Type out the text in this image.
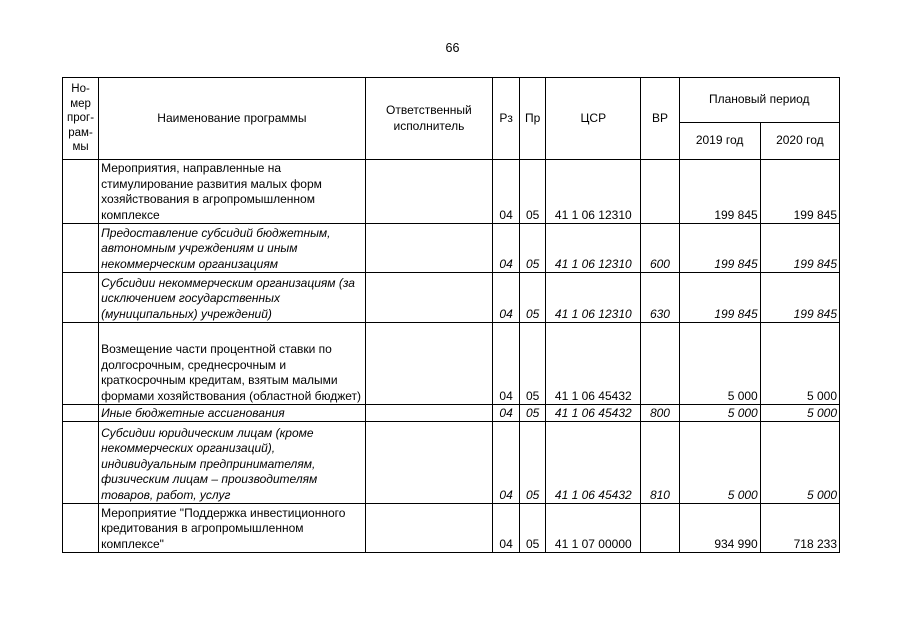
66
Но-мер прог-рам-мы	Наименование программы	Ответственный исполнитель	Рз	Пр	ЦСР	ВР	Плановый период	
							2019 год	2020 год
	Мероприятия, направленные на стимулирование развития малых форм хозяйствования в агропромышленном комплексе		04	05	41 1 06 12310		199 845	199 845
	Предоставление субсидий бюджетным, автономным учреждениям и иным некоммерческим организациям		04	05	41 1 06 12310	600	199 845	199 845
	Субсидии некоммерческим организациям (за исключением государственных (муниципальных) учреждений)		04	05	41 1 06 12310	630	199 845	199 845
	Возмещение части процентной ставки по долгосрочным, среднесрочным и краткосрочным кредитам, взятым малыми формами хозяйствования (областной бюджет)		04	05	41 1 06 45432		5 000	5 000
	Иные бюджетные ассигнования		04	05	41 1 06 45432	800	5 000	5 000
	Субсидии юридическим лицам (кроме некоммерческих организаций), индивидуальным предпринимателям, физическим лицам – производителям товаров, работ, услуг		04	05	41 1 06 45432	810	5 000	5 000
	Мероприятие "Поддержка инвестиционного кредитования в агропромышленном комплексе"		04	05	41 1 07 00000		934 990	718 233
